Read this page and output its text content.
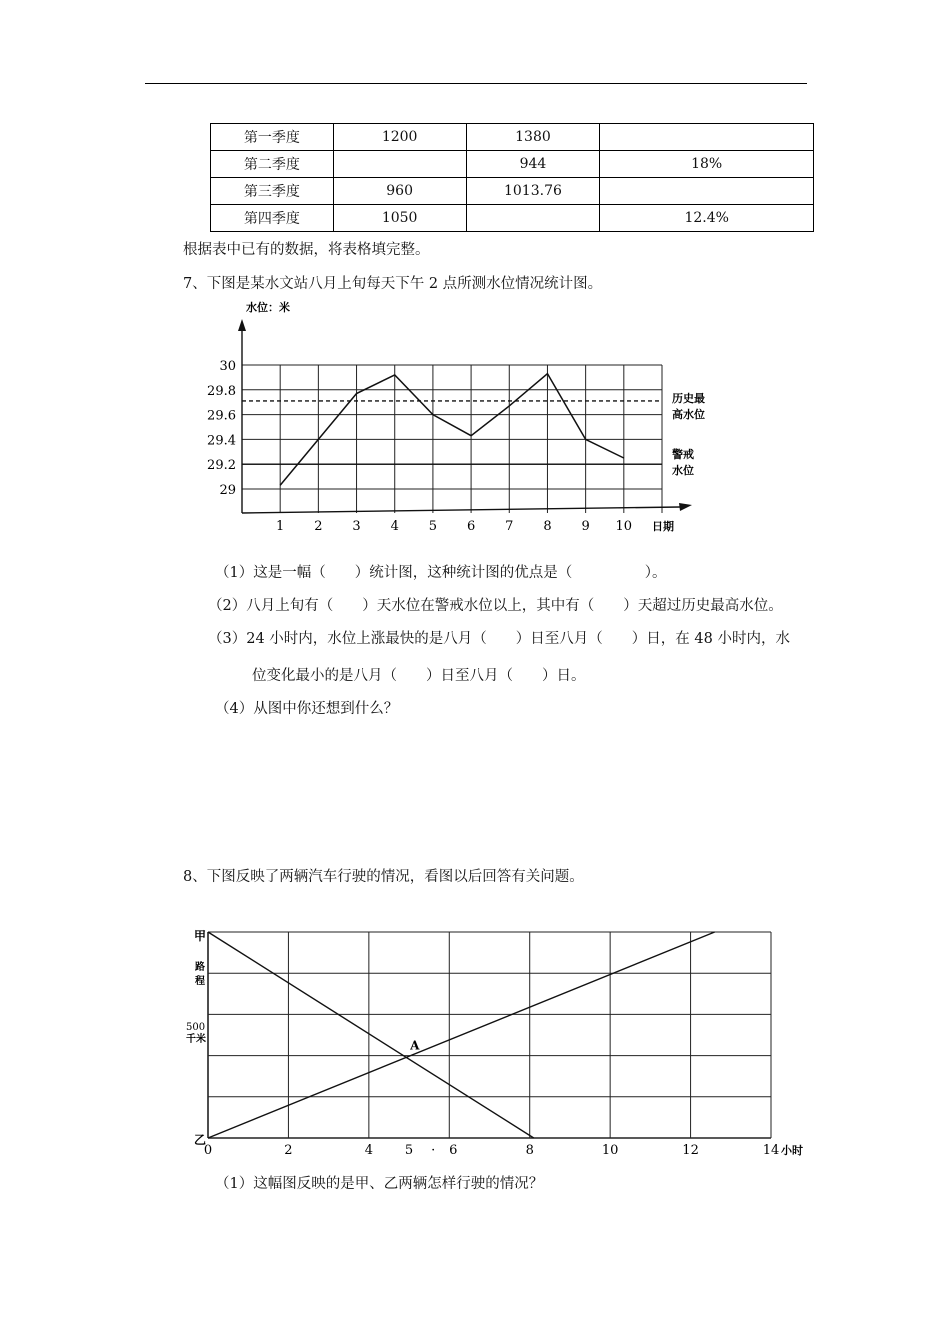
第一季度	1200	1380	
第二季度		944	18%
第三季度	960	1013.76	
第四季度	1050		12.4%
根据表中已有的数据，将表格填完整。
7、下图是某水文站八月上旬每天下午 2 点所测水位情况统计图。
29
29.2
29.4
29.6
29.8
30
1 2 3 4 5 6 7 8 9 10
水位：米
日期
历史最
高水位
警戒
水位
（1）这是一幅（　　）统计图，这种统计图的优点是（　　　　　）。
（2）八月上旬有（　　）天水位在警戒水位以上，其中有（　　）天超过历史最高水位。
（3）24 小时内，水位上涨最快的是八月（　　）日至八月（　　）日，在 48 小时内，水
位变化最小的是八月（　　）日至八月（　　）日。
（4）从图中你还想到什么？
8、下图反映了两辆汽车行驶的情况，看图以后回答有关问题。
A
甲
乙
路
程
500
千米
0	2	4 5 · 6	8	10	12	14 小时
（1）这幅图反映的是甲、乙两辆怎样行驶的情况？
